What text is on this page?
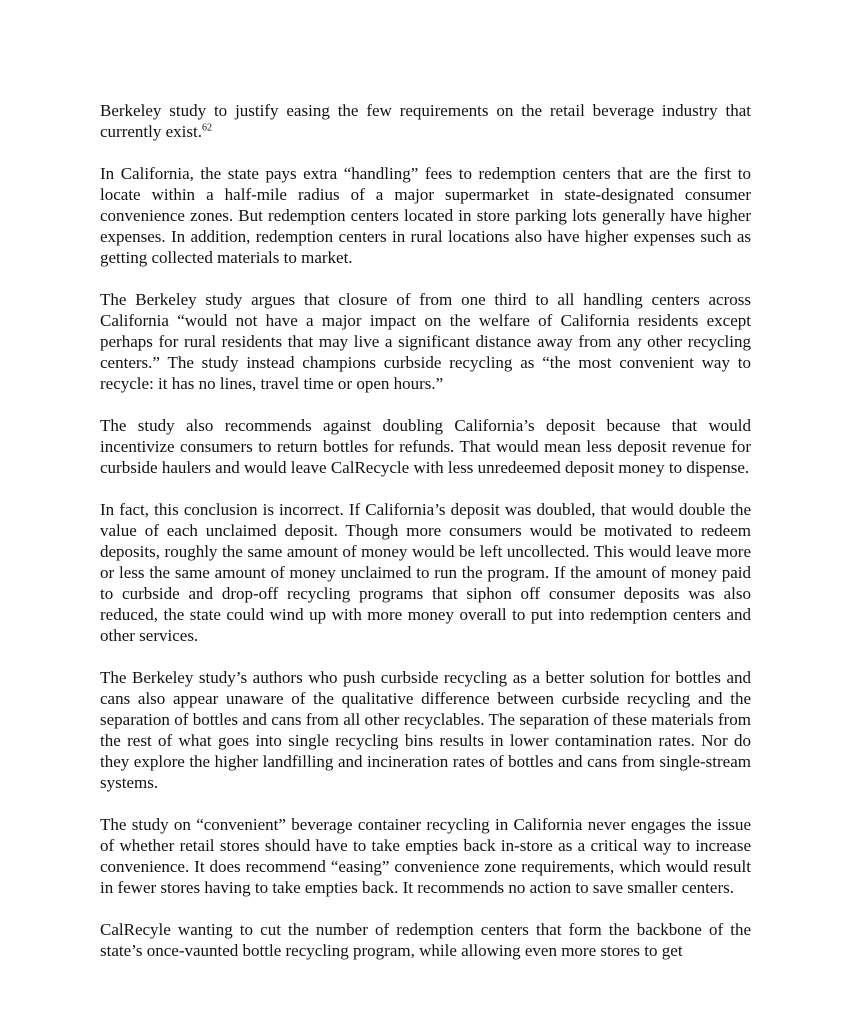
Berkeley study to justify easing the few requirements on the retail beverage industry that currently exist.$^{62}$

In California, the state pays extra “handling” fees to redemption centers that are the first to locate within a half-mile radius of a major supermarket in state-designated consumer convenience zones. But redemption centers located in store parking lots generally have higher expenses. In addition, redemption centers in rural locations also have higher expenses such as getting collected materials to market.

The Berkeley study argues that closure of from one third to all handling centers across California “would not have a major impact on the welfare of California residents except perhaps for rural residents that may live a significant distance away from any other recycling centers.” The study instead champions curbside recycling as “the most convenient way to recycle: it has no lines, travel time or open hours.”

The study also recommends against doubling California’s deposit because that would incentivize consumers to return bottles for refunds. That would mean less deposit revenue for curbside haulers and would leave CalRecycle with less unredeemed deposit money to dispense.

In fact, this conclusion is incorrect. If California’s deposit was doubled, that would double the value of each unclaimed deposit. Though more consumers would be motivated to redeem deposits, roughly the same amount of money would be left uncollected. This would leave more or less the same amount of money unclaimed to run the program. If the amount of money paid to curbside and drop-off recycling programs that siphon off consumer deposits was also reduced, the state could wind up with more money overall to put into redemption centers and other services.

The Berkeley study’s authors who push curbside recycling as a better solution for bottles and cans also appear unaware of the qualitative difference between curbside recycling and the separation of bottles and cans from all other recyclables. The separation of these materials from the rest of what goes into single recycling bins results in lower contamination rates. Nor do they explore the higher landfilling and incineration rates of bottles and cans from single-stream systems.

The study on “convenient” beverage container recycling in California never engages the issue of whether retail stores should have to take empties back in-store as a critical way to increase convenience. It does recommend “easing” convenience zone requirements, which would result in fewer stores having to take empties back. It recommends no action to save smaller centers.

CalRecyle wanting to cut the number of redemption centers that form the backbone of the state’s once-vaunted bottle recycling program, while allowing even more stores to get
